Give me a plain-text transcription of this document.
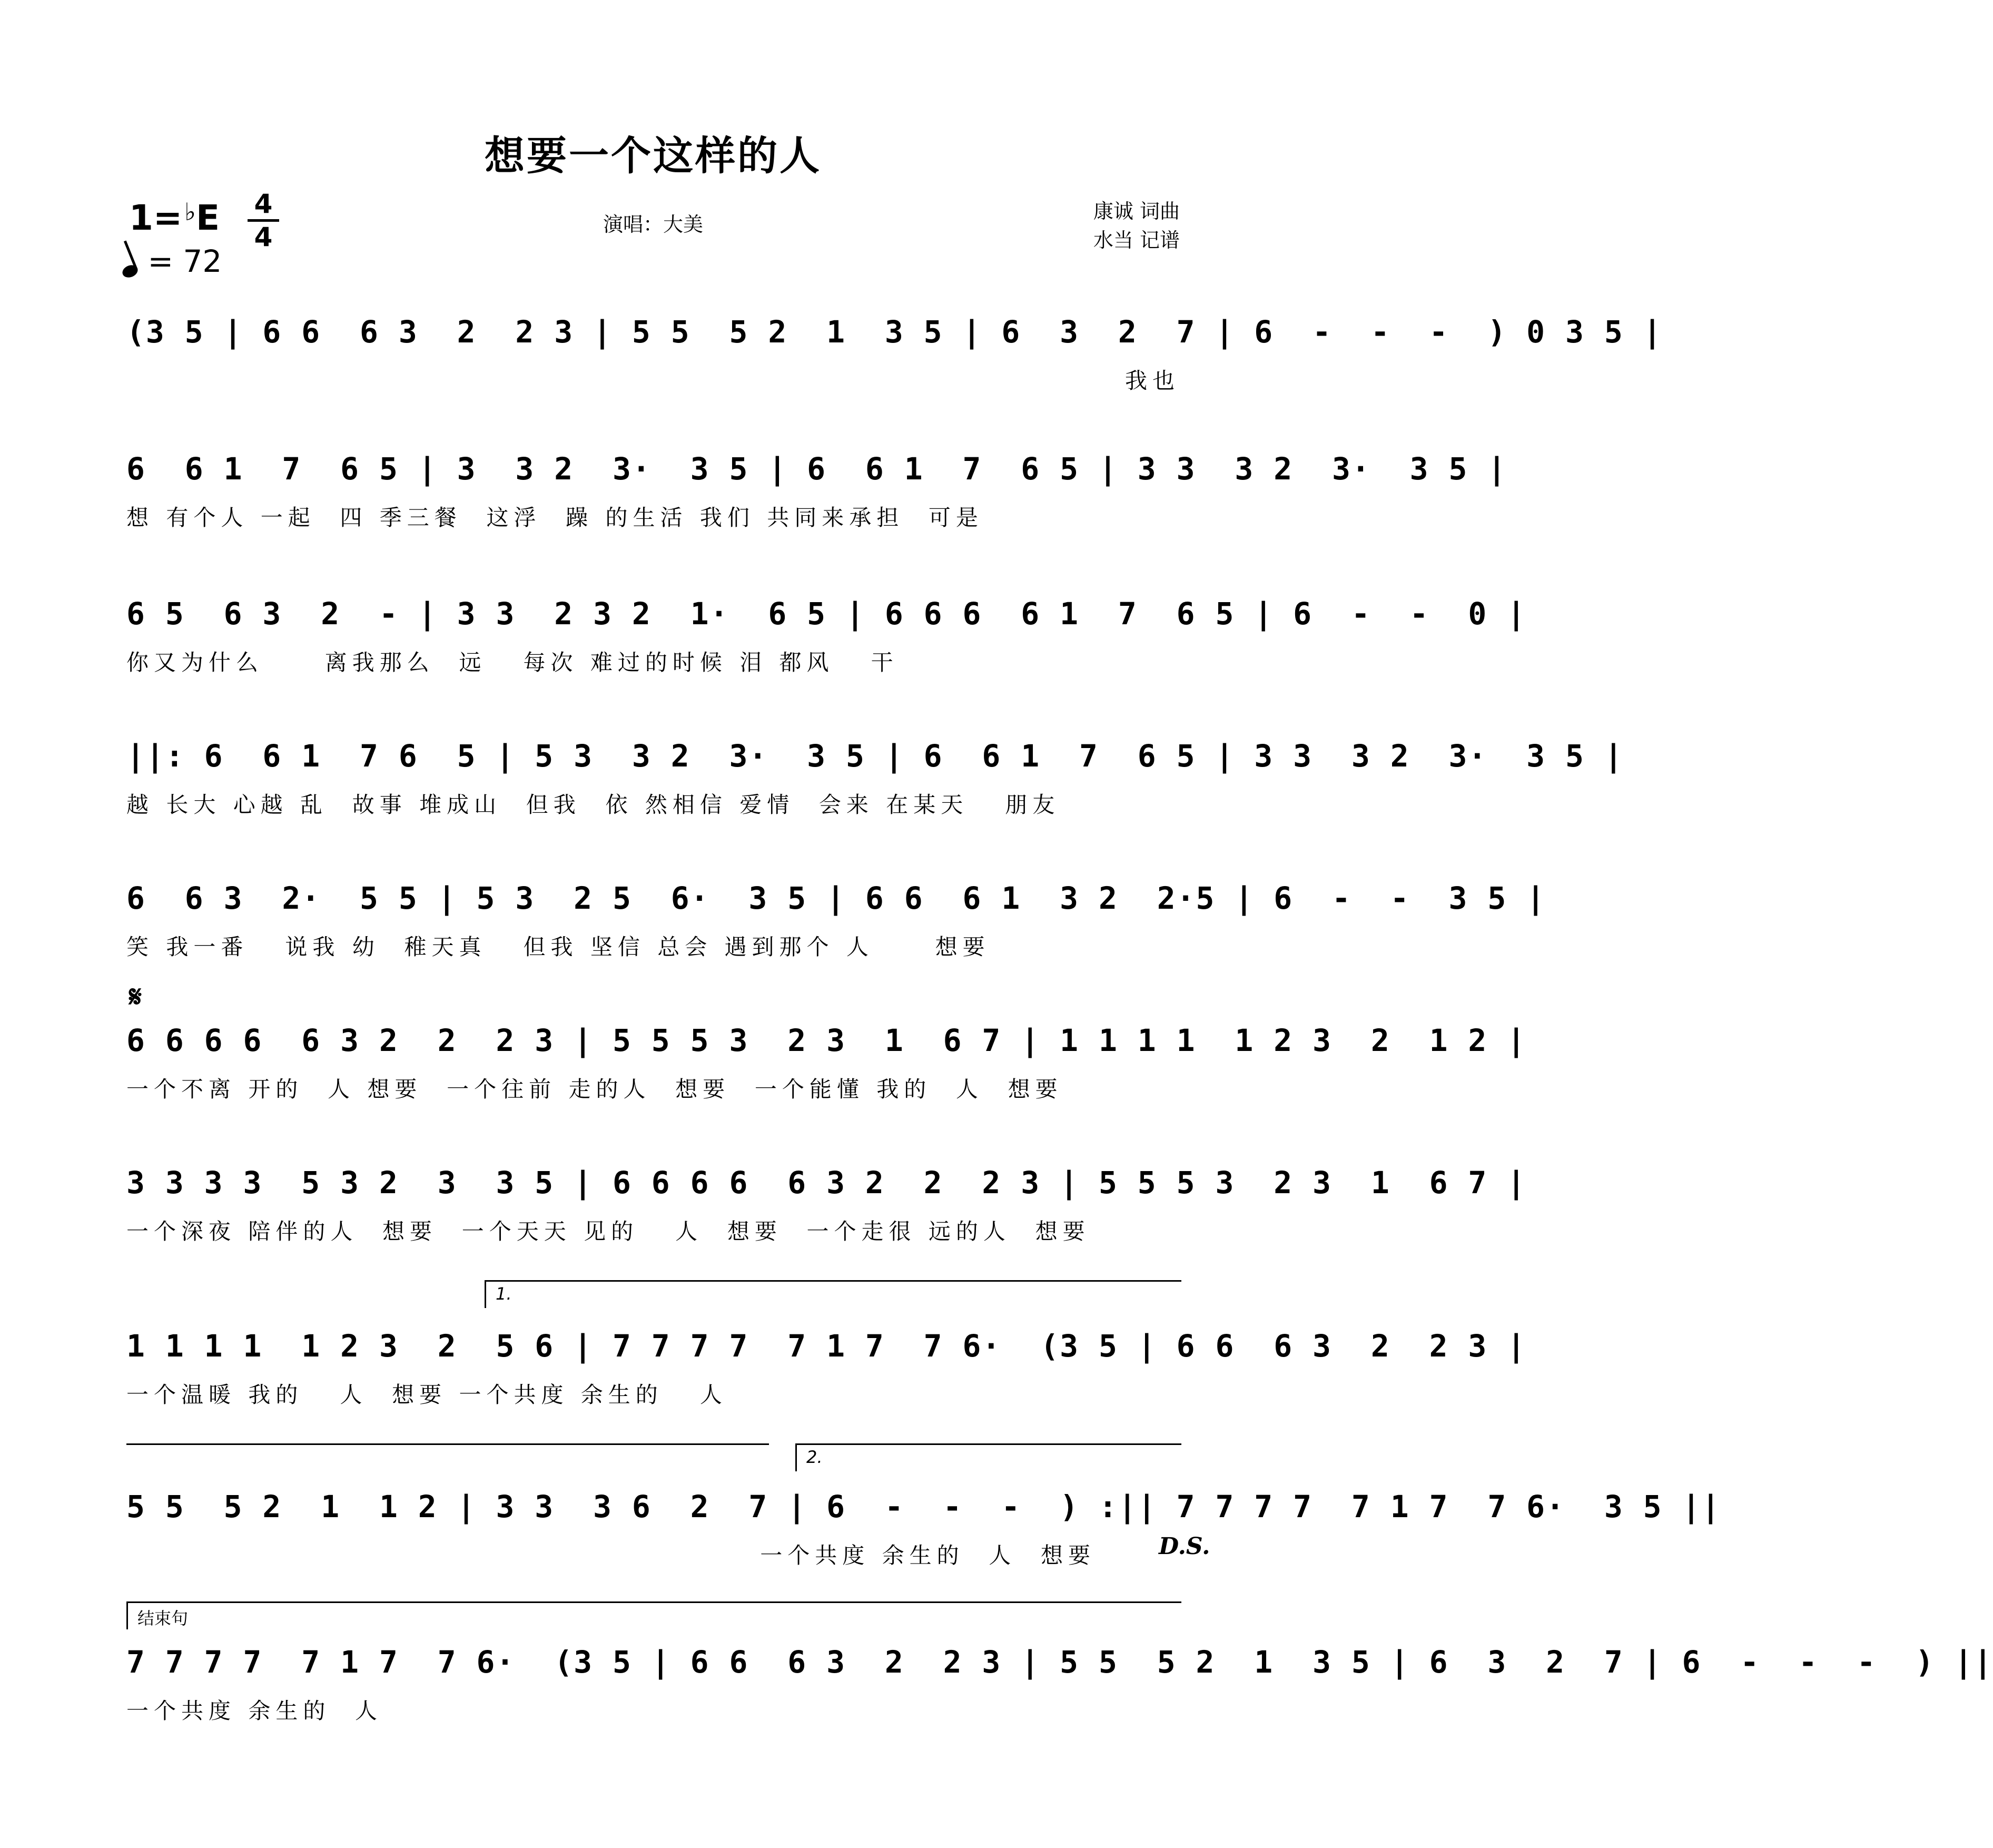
想要一个这样的人
1=♭E 4
4
= 72
演唱：大美
康诚 词曲
水当 记谱
(3 5 | 6 6  6 3  2  2 3 | 5 5  5 2  1  3 5 | 6  3  2  7 | 6  -  -  -  ) 0 3 5 |
我也
6  6 1  7  6 5 | 3  3 2  3·  3 5 | 6  6 1  7  6 5 | 3 3  3 2  3·  3 5 |
想 有个人 一起  四 季三餐  这浮  躁 的生活 我们 共同来承担  可是
6 5  6 3  2  - | 3 3  2 3 2  1·  6 5 | 6 6 6  6 1  7  6 5 | 6  -  -  0 |
你又为什么     离我那么  远   每次 难过的时候 泪 都风   干
||: 6  6 1  7 6  5 | 5 3  3 2  3·  3 5 | 6  6 1  7  6 5 | 3 3  3 2  3·  3 5 |
越 长大 心越 乱  故事 堆成山  但我  依 然相信 爱情  会来 在某天   朋友
6  6 3  2·  5 5 | 5 3  2 5  6·  3 5 | 6 6  6 1  3 2  2·5 | 6  -  -  3 5 |
笑 我一番   说我 幼  稚天真   但我 坚信 总会 遇到那个 人     想要
𝄋
6 6 6 6  6 3 2  2  2 3 | 5 5 5 3  2 3  1  6 7 | 1 1 1 1  1 2 3  2  1 2 |
一个不离 开的  人 想要  一个往前 走的人  想要  一个能懂 我的  人  想要
3 3 3 3  5 3 2  3  3 5 | 6 6 6 6  6 3 2  2  2 3 | 5 5 5 3  2 3  1  6 7 |
一个深夜 陪伴的人  想要  一个天天 见的   人  想要  一个走很 远的人  想要
1.
1 1 1 1  1 2 3  2  5 6 | 7 7 7 7  7 1 7  7 6·  (3 5 | 6 6  6 3  2  2 3 |
一个温暖 我的   人  想要 一个共度 余生的   人
2.
5 5  5 2  1  1 2 | 3 3  3 6  2  7 | 6  -  -  -  ) :|| 7 7 7 7  7 1 7  7 6·  3 5 ||
一个共度 余生的  人  想要	D.S.
结束句
7 7 7 7  7 1 7  7 6·  (3 5 | 6 6  6 3  2  2 3 | 5 5  5 2  1  3 5 | 6  3  2  7 | 6  -  -  -  ) ||
一个共度 余生的  人
